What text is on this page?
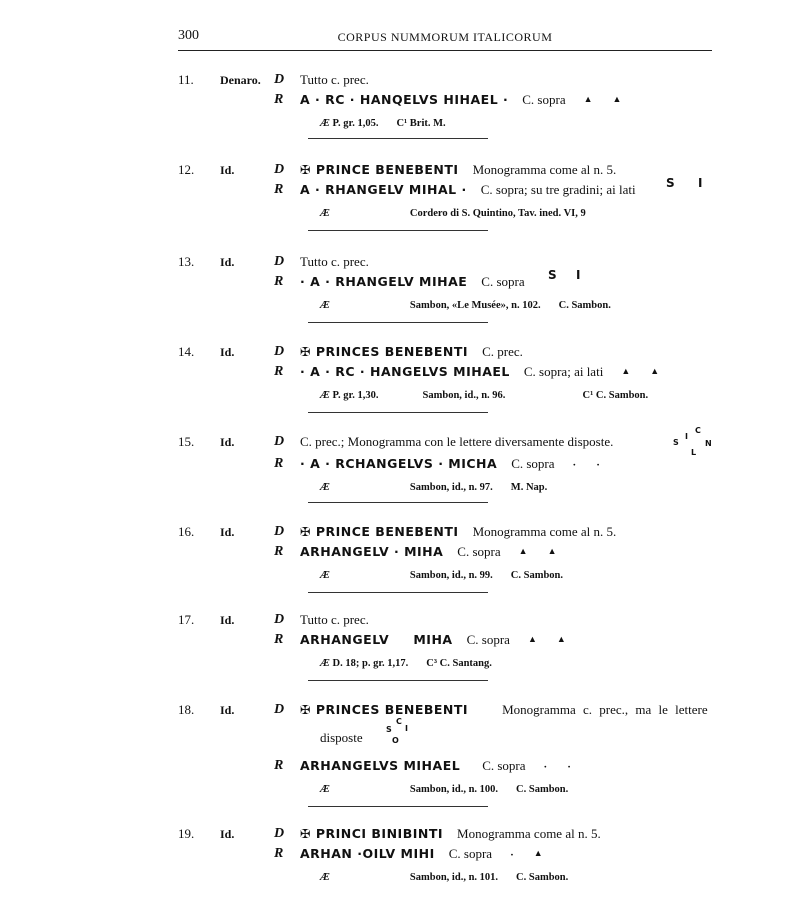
300	CORPUS NUMMORUM ITALICORUM
11.	Denaro. D Tutto c. prec.
R A · RC · HANQELVS HIHAEL · C. sopra ▲ ▲
Æ P. gr. 1,05. C¹ Brit. M.
12.	Id.	D ✠ PRINCE BENEBENTI Monogramma come al n. 5.
R A · RHANGELV MIHAL · C. sopra; su tre gradini; ai lati	S I
Æ	Cordero di S. Quintino, Tav. ined. VI, 9
13.	Id.	D Tutto c. prec.
R · A · RHANGELV MIHAE C. sopra	S I
Æ	Sambon, «Le Musée», n. 102. C. Sambon.
14.	Id.	D ✠ PRINCES BENEBENTI C. prec.
R · A · RC · HANGELVS MIHAEL C. sopra; ai lati ▲ ▲
Æ P. gr. 1,30.	Sambon, id., n. 96.	C¹ C. Sambon.
15.	Id.	D C. prec.; Monogramma con le lettere diversamente disposte.
C
I
S	N
L
R · A · RCHANGELVS · MICHA C. sopra · ·
Æ	Sambon, id., n. 97. M. Nap.
16.	Id.	D ✠ PRINCE BENEBENTI Monogramma come al n. 5.
R ARHANGELV · MIHA C. sopra ▲ ▲
Æ	Sambon, id., n. 99. C. Sambon.
17.	Id.	D Tutto c. prec.
R ARHANGELV     MIHA C. sopra ▲ ▲
Æ D. 18; p. gr. 1,17. C³ C. Santang.
18.	Id.	D ✠ PRINCES BENEBENTI	Monogramma c. prec., ma le lettere
disposte
C
I
S
O
R ARHANGELVS MIHAEL C. sopra · ·
Æ	Sambon, id., n. 100. C. Sambon.
19.	Id.	D ✠ PRINCI BINIBINTI Monogramma come al n. 5.
R ARHAN ·OILV MIHI C. sopra · ▲
Æ	Sambon, id., n. 101. C. Sambon.
